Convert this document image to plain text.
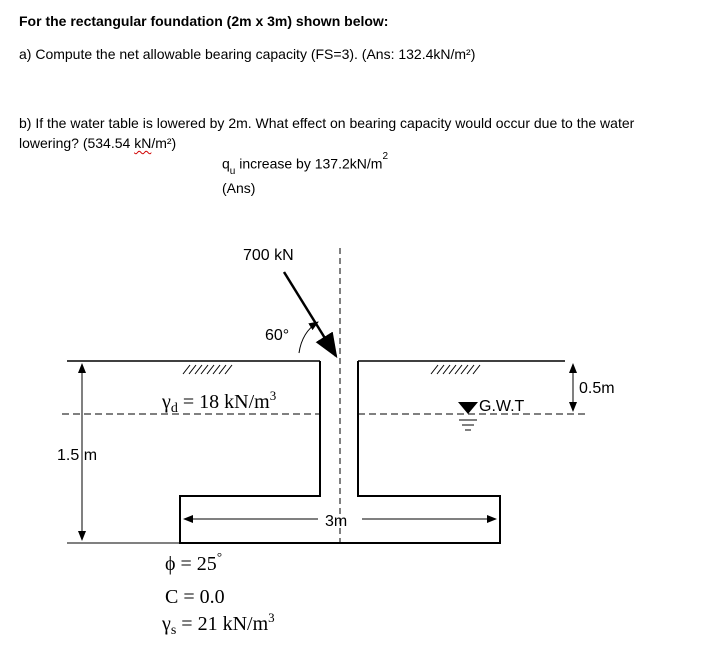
For the rectangular foundation (2m x 3m) shown below:
a) Compute the net allowable bearing capacity (FS=3). (Ans: 132.4kN/m²)
b) If the water table is lowered by 2m. What effect on bearing capacity would occur due to the water
lowering? (534.54 kN/m²)
$q_u$ increase by $137.2kN/m^2$
(Ans)
700 kN
60°
$\gamma_d = 18$ $kN/m^3$
G.W.T
0.5m
1.5 m
3m
ϕ = 25°
C = 0.0
$\gamma_s = 21$ $kN/m^3$
